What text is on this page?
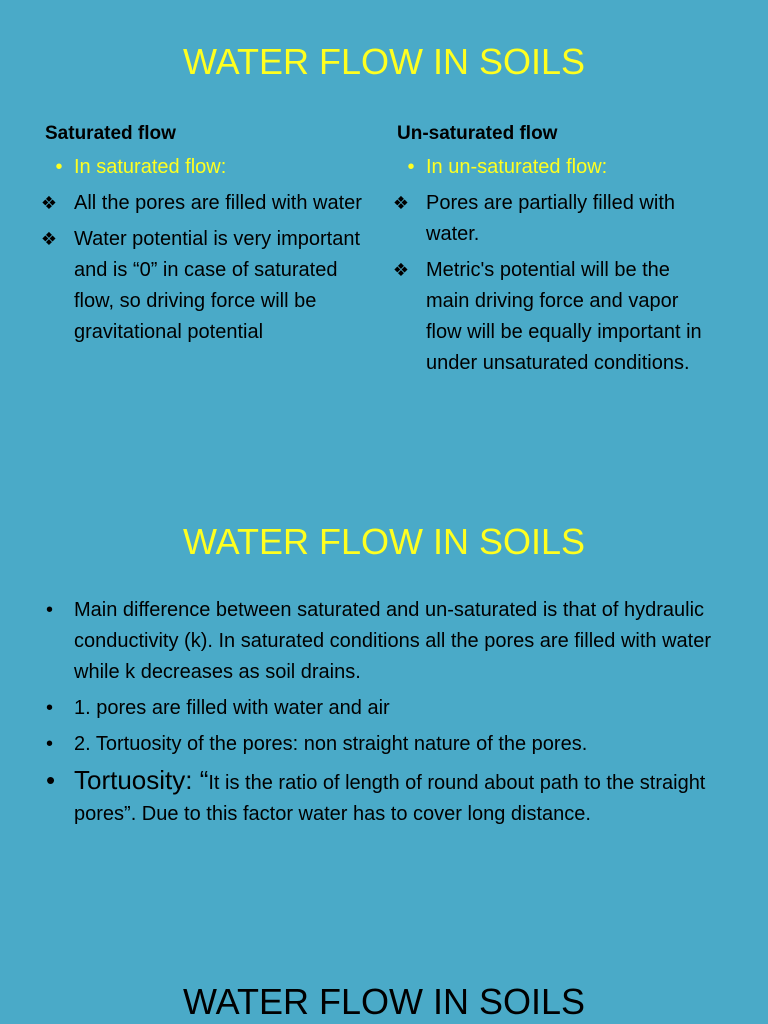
WATER FLOW IN SOILS
Saturated flow
• In saturated flow:
❖ All the pores are filled with water
❖ Water potential is very important and is “0” in case of saturated flow, so driving force will be gravitational potential
Un-saturated flow
• In un-saturated flow:
❖ Pores are partially filled with water.
❖ Metric's potential will be the main driving force and vapor flow will be equally important in under unsaturated conditions.
WATER FLOW IN SOILS
• Main difference between saturated and un-saturated is that of hydraulic conductivity (k). In saturated conditions all the pores are filled with water while k decreases as soil drains.
• 1. pores are filled with water and air
• 2. Tortuosity of the pores: non straight nature of the pores.
• Tortuosity: “It is the ratio of length of round about path to the straight pores”. Due to this factor water has to cover long distance.
WATER FLOW IN SOILS
